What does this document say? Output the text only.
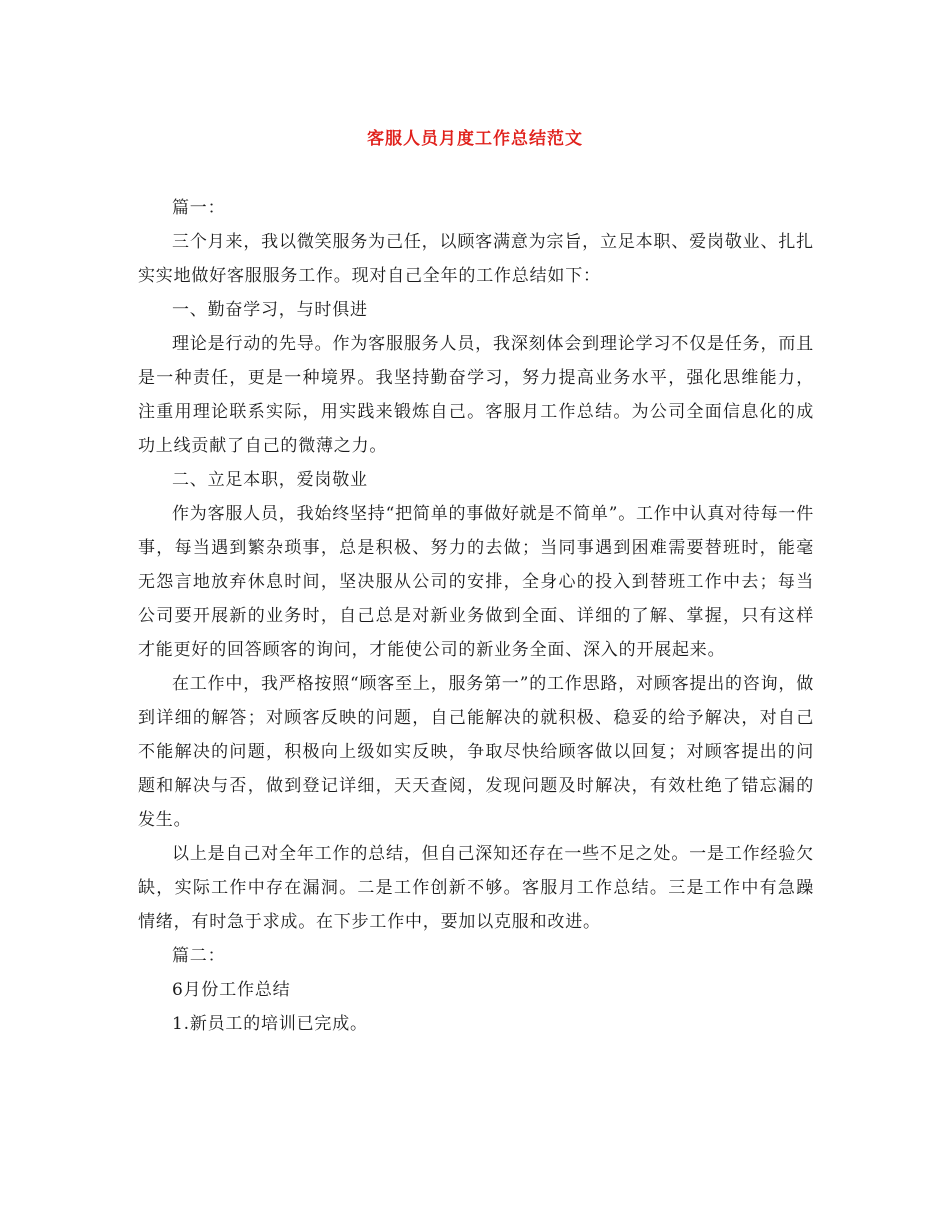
客服人员月度工作总结范文

篇一：

三个月来，我以微笑服务为己任，以顾客满意为宗旨，立足本职、爱岗敬业、扎扎实实地做好客服服务工作。现对自己全年的工作总结如下：

一、勤奋学习，与时俱进

理论是行动的先导。作为客服服务人员，我深刻体会到理论学习不仅是任务，而且是一种责任，更是一种境界。我坚持勤奋学习，努力提高业务水平，强化思维能力，注重用理论联系实际，用实践来锻炼自己。客服月工作总结。为公司全面信息化的成功上线贡献了自己的微薄之力。

二、立足本职，爱岗敬业

作为客服人员，我始终坚持“把简单的事做好就是不简单”。工作中认真对待每一件事，每当遇到繁杂琐事，总是积极、努力的去做；当同事遇到困难需要替班时，能毫无怨言地放弃休息时间，坚决服从公司的安排，全身心的投入到替班工作中去；每当公司要开展新的业务时，自己总是对新业务做到全面、详细的了解、掌握，只有这样才能更好的回答顾客的询问，才能使公司的新业务全面、深入的开展起来。

在工作中，我严格按照“顾客至上，服务第一”的工作思路，对顾客提出的咨询，做到详细的解答；对顾客反映的问题，自己能解决的就积极、稳妥的给予解决，对自己不能解决的问题，积极向上级如实反映，争取尽快给顾客做以回复；对顾客提出的问题和解决与否，做到登记详细，天天查阅，发现问题及时解决，有效杜绝了错忘漏的发生。

以上是自己对全年工作的总结，但自己深知还存在一些不足之处。一是工作经验欠缺，实际工作中存在漏洞。二是工作创新不够。客服月工作总结。三是工作中有急躁情绪，有时急于求成。在下步工作中，要加以克服和改进。

篇二：

6月份工作总结

1.新员工的培训已完成。
